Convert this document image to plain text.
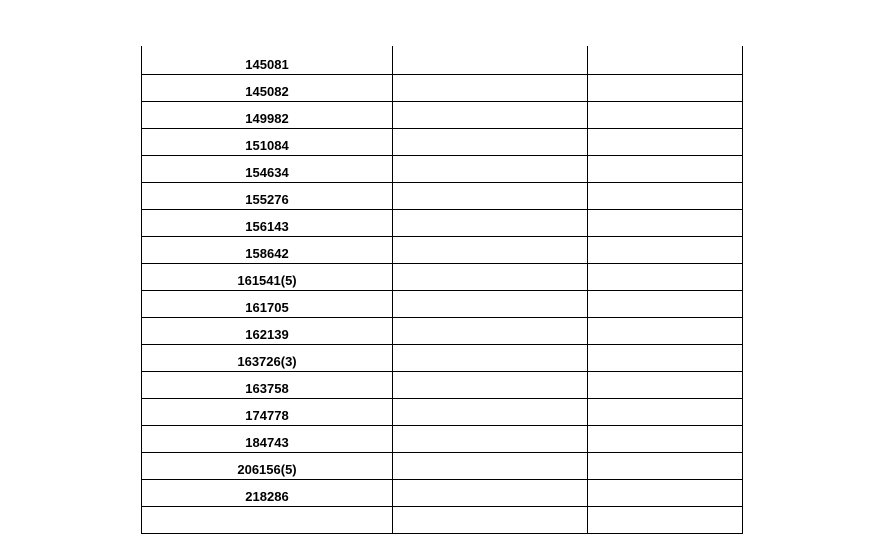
145081		

145082		

149982		

151084		

154634		

155276		

156143		

158642		

161541(5)		

161705		

162139		

163726(3)		

163758		

174778		

184743		

206156(5)		

218286		
